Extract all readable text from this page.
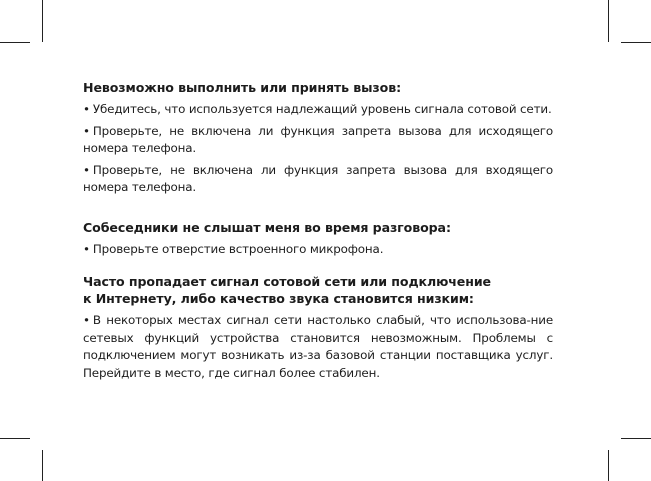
Невозможно выполнить или принять вызов:

• Убедитесь, что используется надлежащий уровень сигнала сотовой сети.

• Проверьте, не включена ли функция запрета вызова для исходящего номера телефона.

• Проверьте, не включена ли функция запрета вызова для входящего номера телефона.

Собеседники не слышат меня во время разговора:

• Проверьте отверстие встроенного микрофона.

Часто пропадает сигнал сотовой сети или подключение
к Интернету, либо качество звука становится низким:

• В некоторых местах сигнал сети настолько слабый, что использова-ние сетевых функций устройства становится невозможным. Проблемы с подключением могут возникать из-за базовой станции поставщика услуг. Перейдите в место, где сигнал более стабилен.
